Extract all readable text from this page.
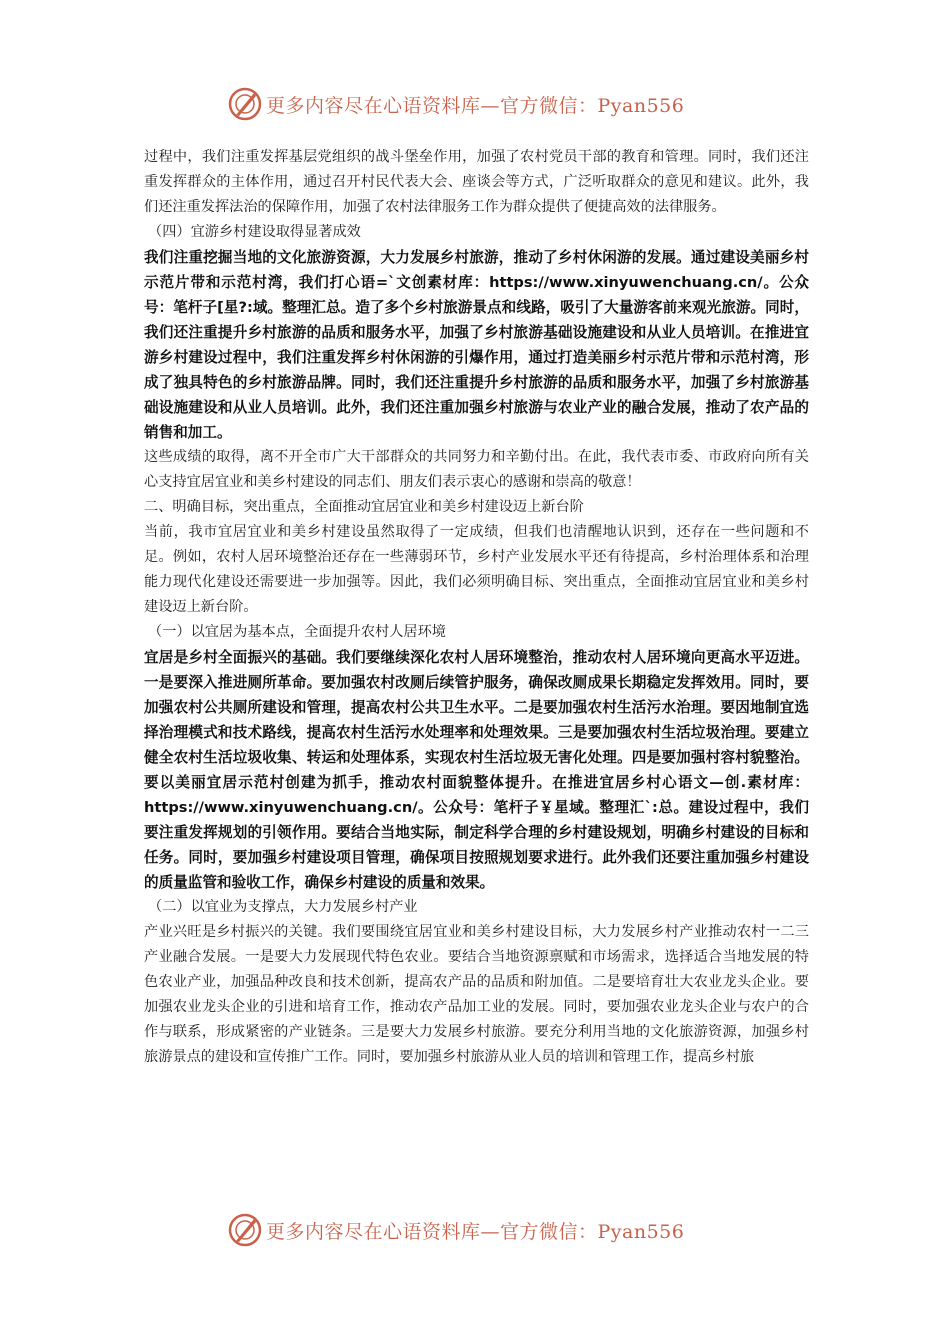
更多内容尽在心语资料库—官方微信：Pyan556

过程中，我们注重发挥基层党组织的战斗堡垒作用，加强了农村党员干部的教育和管理。同时，我们还注重发挥群众的主体作用，通过召开村民代表大会、座谈会等方式，广泛听取群众的意见和建议。此外，我们还注重发挥法治的保障作用，加强了农村法律服务工作为群众提供了便捷高效的法律服务。

（四）宜游乡村建设取得显著成效

我们注重挖掘当地的文化旅游资源，大力发展乡村旅游，推动了乡村休闲游的发展。通过建设美丽乡村示范片带和示范村湾，我们打心语=`文创素材库：https://www.xinyuwenchuang.cn/。公众号：笔杆子[星?:域。整理汇总。造了多个乡村旅游景点和线路，吸引了大量游客前来观光旅游。同时，我们还注重提升乡村旅游的品质和服务水平，加强了乡村旅游基础设施建设和从业人员培训。在推进宜游乡村建设过程中，我们注重发挥乡村休闲游的引爆作用，通过打造美丽乡村示范片带和示范村湾，形成了独具特色的乡村旅游品牌。同时，我们还注重提升乡村旅游的品质和服务水平，加强了乡村旅游基础设施建设和从业人员培训。此外，我们还注重加强乡村旅游与农业产业的融合发展，推动了农产品的销售和加工。

这些成绩的取得，离不开全市广大干部群众的共同努力和辛勤付出。在此，我代表市委、市政府向所有关心支持宜居宜业和美乡村建设的同志们、朋友们表示衷心的感谢和崇高的敬意！

二、明确目标，突出重点，全面推动宜居宜业和美乡村建设迈上新台阶

当前，我市宜居宜业和美乡村建设虽然取得了一定成绩，但我们也清醒地认识到，还存在一些问题和不足。例如，农村人居环境整治还存在一些薄弱环节，乡村产业发展水平还有待提高，乡村治理体系和治理能力现代化建设还需要进一步加强等。因此，我们必须明确目标、突出重点，全面推动宜居宜业和美乡村建设迈上新台阶。

（一）以宜居为基本点，全面提升农村人居环境

宜居是乡村全面振兴的基础。我们要继续深化农村人居环境整治，推动农村人居环境向更高水平迈进。一是要深入推进厕所革命。要加强农村改厕后续管护服务，确保改厕成果长期稳定发挥效用。同时，要加强农村公共厕所建设和管理，提高农村公共卫生水平。二是要加强农村生活污水治理。要因地制宜选择治理模式和技术路线，提高农村生活污水处理率和处理效果。三是要加强农村生活垃圾治理。要建立健全农村生活垃圾收集、转运和处理体系，实现农村生活垃圾无害化处理。四是要加强村容村貌整治。要以美丽宜居示范村创建为抓手，推动农村面貌整体提升。在推进宜居乡村心语文—创.素材库：https://www.xinyuwenchuang.cn/。公众号：笔杆子￥星域。整理汇`:总。建设过程中，我们要注重发挥规划的引领作用。要结合当地实际，制定科学合理的乡村建设规划，明确乡村建设的目标和任务。同时，要加强乡村建设项目管理，确保项目按照规划要求进行。此外我们还要注重加强乡村建设的质量监管和验收工作，确保乡村建设的质量和效果。

（二）以宜业为支撑点，大力发展乡村产业

产业兴旺是乡村振兴的关键。我们要围绕宜居宜业和美乡村建设目标，大力发展乡村产业推动农村一二三产业融合发展。一是要大力发展现代特色农业。要结合当地资源禀赋和市场需求，选择适合当地发展的特色农业产业，加强品种改良和技术创新，提高农产品的品质和附加值。二是要培育壮大农业龙头企业。要加强农业龙头企业的引进和培育工作，推动农产品加工业的发展。同时，要加强农业龙头企业与农户的合作与联系，形成紧密的产业链条。三是要大力发展乡村旅游。要充分利用当地的文化旅游资源，加强乡村旅游景点的建设和宣传推广工作。同时，要加强乡村旅游从业人员的培训和管理工作，提高乡村旅

更多内容尽在心语资料库—官方微信：Pyan556
